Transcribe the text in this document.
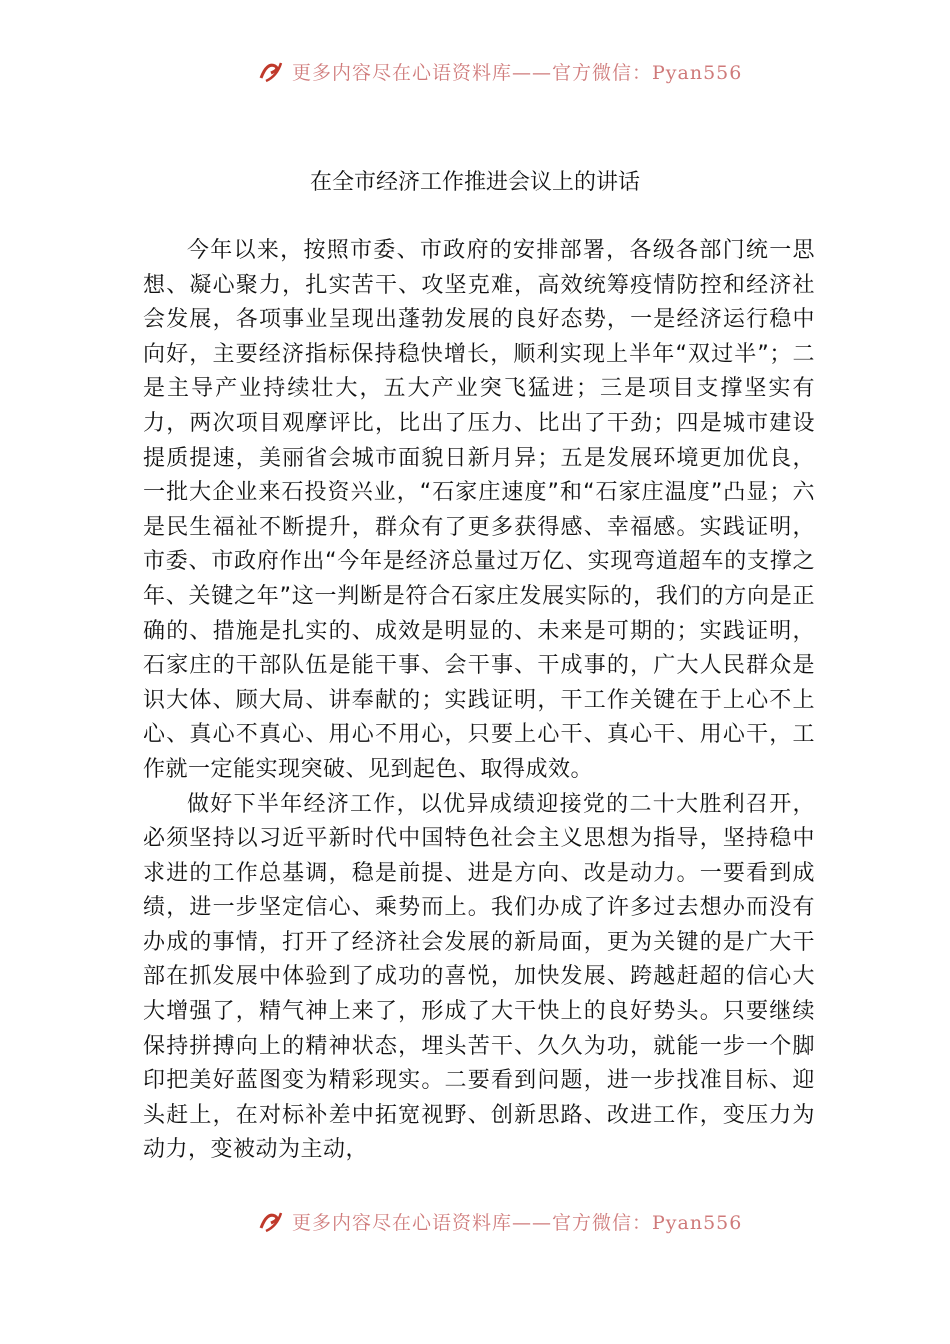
更多内容尽在心语资料库——官方微信：Pyan556
在全市经济工作推进会议上的讲话

今年以来，按照市委、市政府的安排部署，各级各部门统一思想、凝心聚力，扎实苦干、攻坚克难，高效统筹疫情防控和经济社会发展，各项事业呈现出蓬勃发展的良好态势，一是经济运行稳中向好，主要经济指标保持稳快增长，顺利实现上半年“双过半”；二是主导产业持续壮大，五大产业突飞猛进；三是项目支撑坚实有力，两次项目观摩评比，比出了压力、比出了干劲；四是城市建设提质提速，美丽省会城市面貌日新月异；五是发展环境更加优良，一批大企业来石投资兴业，“石家庄速度”和“石家庄温度”凸显；六是民生福祉不断提升，群众有了更多获得感、幸福感。实践证明，市委、市政府作出“今年是经济总量过万亿、实现弯道超车的支撑之年、关键之年”这一判断是符合石家庄发展实际的，我们的方向是正确的、措施是扎实的、成效是明显的、未来是可期的；实践证明，石家庄的干部队伍是能干事、会干事、干成事的，广大人民群众是识大体、顾大局、讲奉献的；实践证明，干工作关键在于上心不上心、真心不真心、用心不用心，只要上心干、真心干、用心干，工作就一定能实现突破、见到起色、取得成效。

做好下半年经济工作，以优异成绩迎接党的二十大胜利召开，必须坚持以习近平新时代中国特色社会主义思想为指导，坚持稳中求进的工作总基调，稳是前提、进是方向、改是动力。一要看到成绩，进一步坚定信心、乘势而上。我们办成了许多过去想办而没有办成的事情，打开了经济社会发展的新局面，更为关键的是广大干部在抓发展中体验到了成功的喜悦，加快发展、跨越赶超的信心大大增强了，精气神上来了，形成了大干快上的良好势头。只要继续保持拼搏向上的精神状态，埋头苦干、久久为功，就能一步一个脚印把美好蓝图变为精彩现实。二要看到问题，进一步找准目标、迎头赶上，在对标补差中拓宽视野、创新思路、改进工作，变压力为动力，变被动为主动，

更多内容尽在心语资料库——官方微信：Pyan556
